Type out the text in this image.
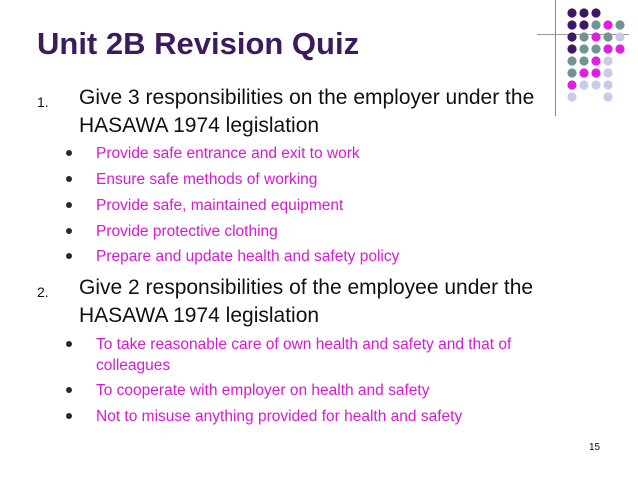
Unit 2B Revision Quiz
1. Give 3 responsibilities on the employer under the
HASAWA 1974 legislation
Provide safe entrance and exit to work
Ensure safe methods of working
Provide safe, maintained equipment
Provide protective clothing
Prepare and update health and safety policy
2. Give 2 responsibilities of the employee under the
HASAWA 1974 legislation
To take reasonable care of own health and safety and that of colleagues
To cooperate with employer on health and safety
Not to misuse anything provided for health and safety
15
